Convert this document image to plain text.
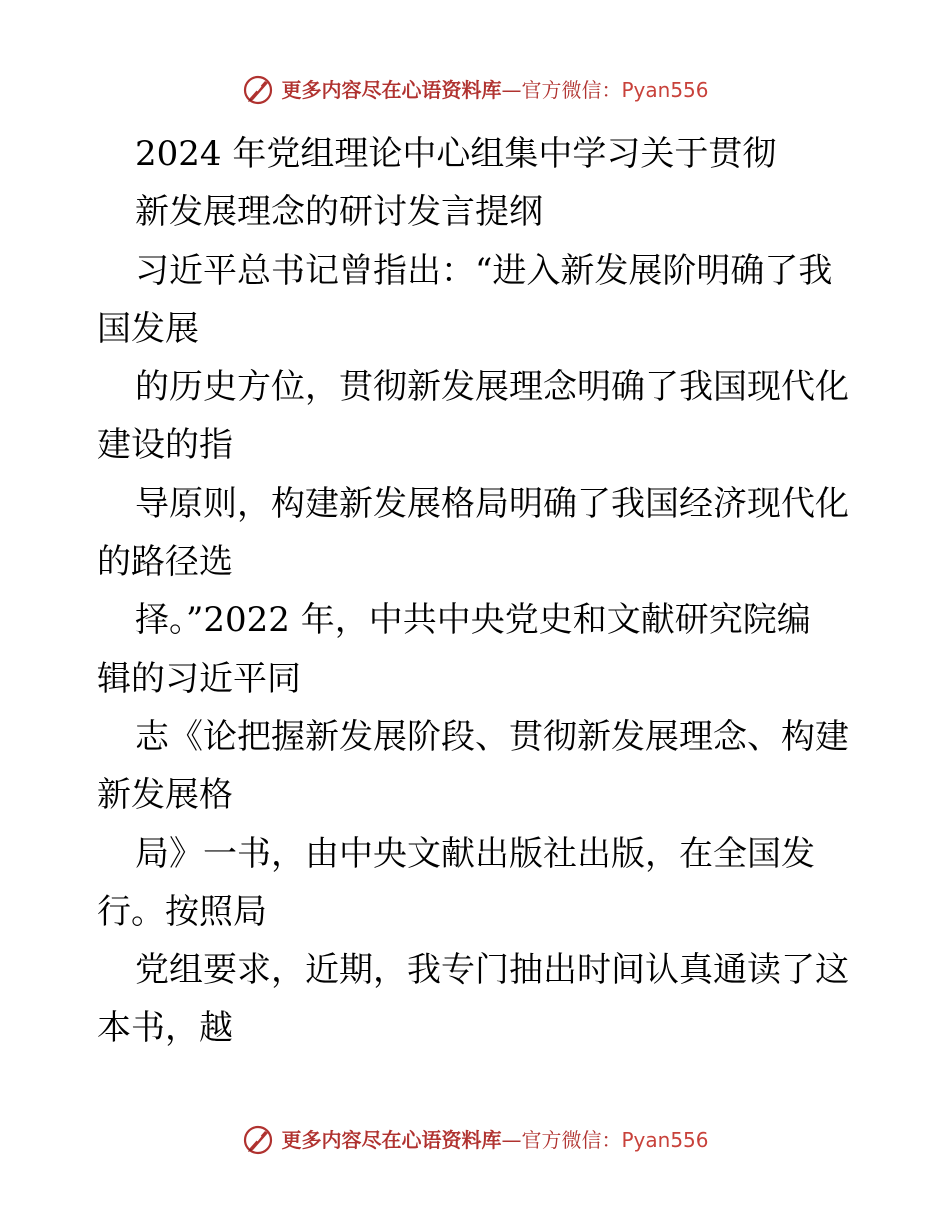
更多内容尽在心语资料库—官方微信：Pyan556
2024 年党组理论中心组集中学习关于贯彻
新发展理念的研讨发言提纲
习近平总书记曾指出：“进入新发展阶明确了我
国发展
的历史方位，贯彻新发展理念明确了我国现代化
建设的指
导原则，构建新发展格局明确了我国经济现代化
的路径选
择。”2022 年，中共中央党史和文献研究院编
辑的习近平同
志《论把握新发展阶段、贯彻新发展理念、构建
新发展格
局》一书，由中央文献出版社出版，在全国发
行。按照局
党组要求，近期，我专门抽出时间认真通读了这
本书，越
更多内容尽在心语资料库—官方微信：Pyan556
